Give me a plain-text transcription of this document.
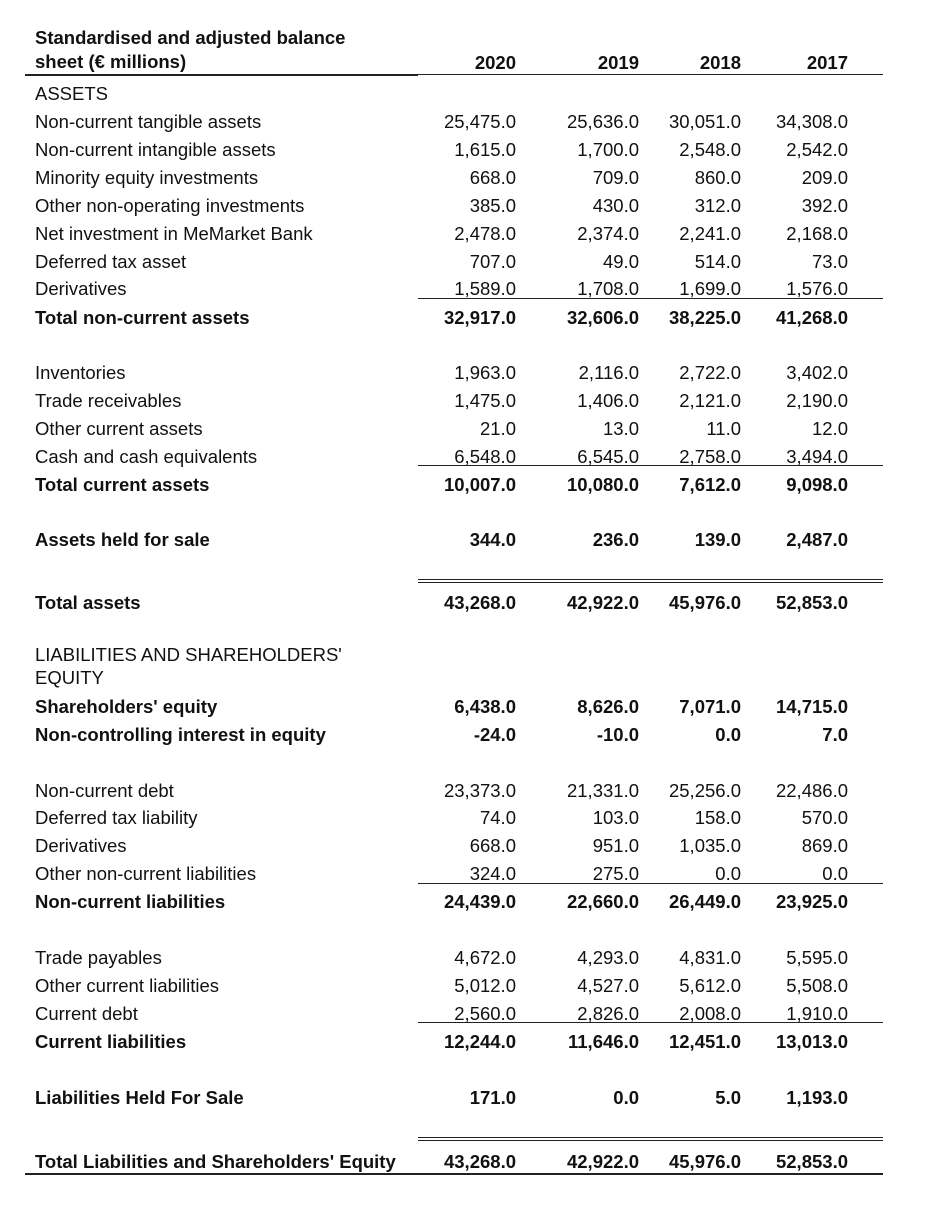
Standardised and adjusted balance
sheet (€ millions)	2020	2019	2018	2017
ASSETS
LIABILITIES AND SHAREHOLDERS'
EQUITY
Non-current tangible assets	25,475.0	25,636.0	30,051.0	34,308.0
Non-current intangible assets	1,615.0	1,700.0	2,548.0	2,542.0
Minority equity investments	668.0	709.0	860.0	209.0
Other non-operating investments	385.0	430.0	312.0	392.0
Net investment in MeMarket Bank	2,478.0	2,374.0	2,241.0	2,168.0
Deferred tax asset	707.0	49.0	514.0	73.0
Derivatives	1,589.0	1,708.0	1,699.0	1,576.0
Total non-current assets	32,917.0	32,606.0	38,225.0	41,268.0
Inventories	1,963.0	2,116.0	2,722.0	3,402.0
Trade receivables	1,475.0	1,406.0	2,121.0	2,190.0
Other current assets	21.0	13.0	11.0	12.0
Cash and cash equivalents	6,548.0	6,545.0	2,758.0	3,494.0
Total current assets	10,007.0	10,080.0	7,612.0	9,098.0
Assets held for sale	344.0	236.0	139.0	2,487.0
Total assets	43,268.0	42,922.0	45,976.0	52,853.0
Shareholders' equity	6,438.0	8,626.0	7,071.0	14,715.0
Non-controlling interest in equity	-24.0	-10.0	0.0	7.0
Non-current debt	23,373.0	21,331.0	25,256.0	22,486.0
Deferred tax liability	74.0	103.0	158.0	570.0
Derivatives	668.0	951.0	1,035.0	869.0
Other non-current liabilities	324.0	275.0	0.0	0.0
Non-current liabilities	24,439.0	22,660.0	26,449.0	23,925.0
Trade payables	4,672.0	4,293.0	4,831.0	5,595.0
Other current liabilities	5,012.0	4,527.0	5,612.0	5,508.0
Current debt	2,560.0	2,826.0	2,008.0	1,910.0
Current liabilities	12,244.0	11,646.0	12,451.0	13,013.0
Liabilities Held For Sale	171.0	0.0	5.0	1,193.0
Total Liabilities and Shareholders' Equity	43,268.0	42,922.0	45,976.0	52,853.0
